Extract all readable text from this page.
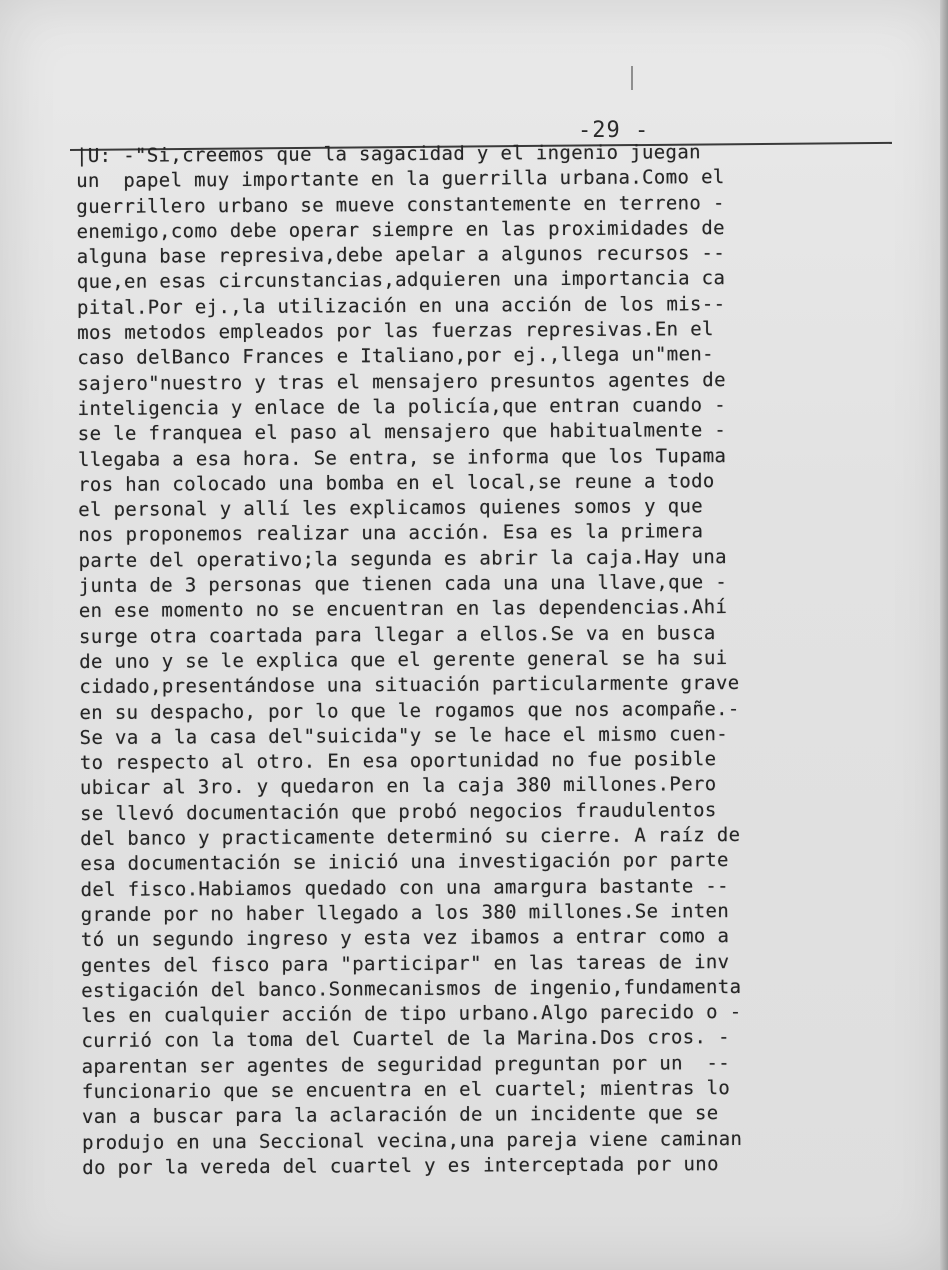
-29 -
|U: -"Si,creemos que la sagacidad y el ingenio juegan
un  papel muy importante en la guerrilla urbana.Como el
guerrillero urbano se mueve constantemente en terreno -
enemigo,como debe operar siempre en las proximidades de
alguna base represiva,debe apelar a algunos recursos --
que,en esas circunstancias,adquieren una importancia ca
pital.Por ej.,la utilización en una acción de los mis--
mos metodos empleados por las fuerzas represivas.En el
caso delBanco Frances e Italiano,por ej.,llega un"men-
sajero"nuestro y tras el mensajero presuntos agentes de
inteligencia y enlace de la policía,que entran cuando -
se le franquea el paso al mensajero que habitualmente -
llegaba a esa hora. Se entra, se informa que los Tupama
ros han colocado una bomba en el local,se reune a todo
el personal y allí les explicamos quienes somos y que
nos proponemos realizar una acción. Esa es la primera
parte del operativo;la segunda es abrir la caja.Hay una
junta de 3 personas que tienen cada una una llave,que -
en ese momento no se encuentran en las dependencias.Ahí
surge otra coartada para llegar a ellos.Se va en busca
de uno y se le explica que el gerente general se ha sui
cidado,presentándose una situación particularmente grave
en su despacho, por lo que le rogamos que nos acompañe.-
Se va a la casa del"suicida"y se le hace el mismo cuen-
to respecto al otro. En esa oportunidad no fue posible
ubicar al 3ro. y quedaron en la caja 380 millones.Pero
se llevó documentación que probó negocios fraudulentos
del banco y practicamente determinó su cierre. A raíz de
esa documentación se inició una investigación por parte
del fisco.Habiamos quedado con una amargura bastante --
grande por no haber llegado a los 380 millones.Se inten
tó un segundo ingreso y esta vez ibamos a entrar como a
gentes del fisco para "participar" en las tareas de inv
estigación del banco.Sonmecanismos de ingenio,fundamenta
les en cualquier acción de tipo urbano.Algo parecido o -
currió con la toma del Cuartel de la Marina.Dos cros. -
aparentan ser agentes de seguridad preguntan por un  --
funcionario que se encuentra en el cuartel; mientras lo
van a buscar para la aclaración de un incidente que se
produjo en una Seccional vecina,una pareja viene caminan
do por la vereda del cuartel y es interceptada por uno
